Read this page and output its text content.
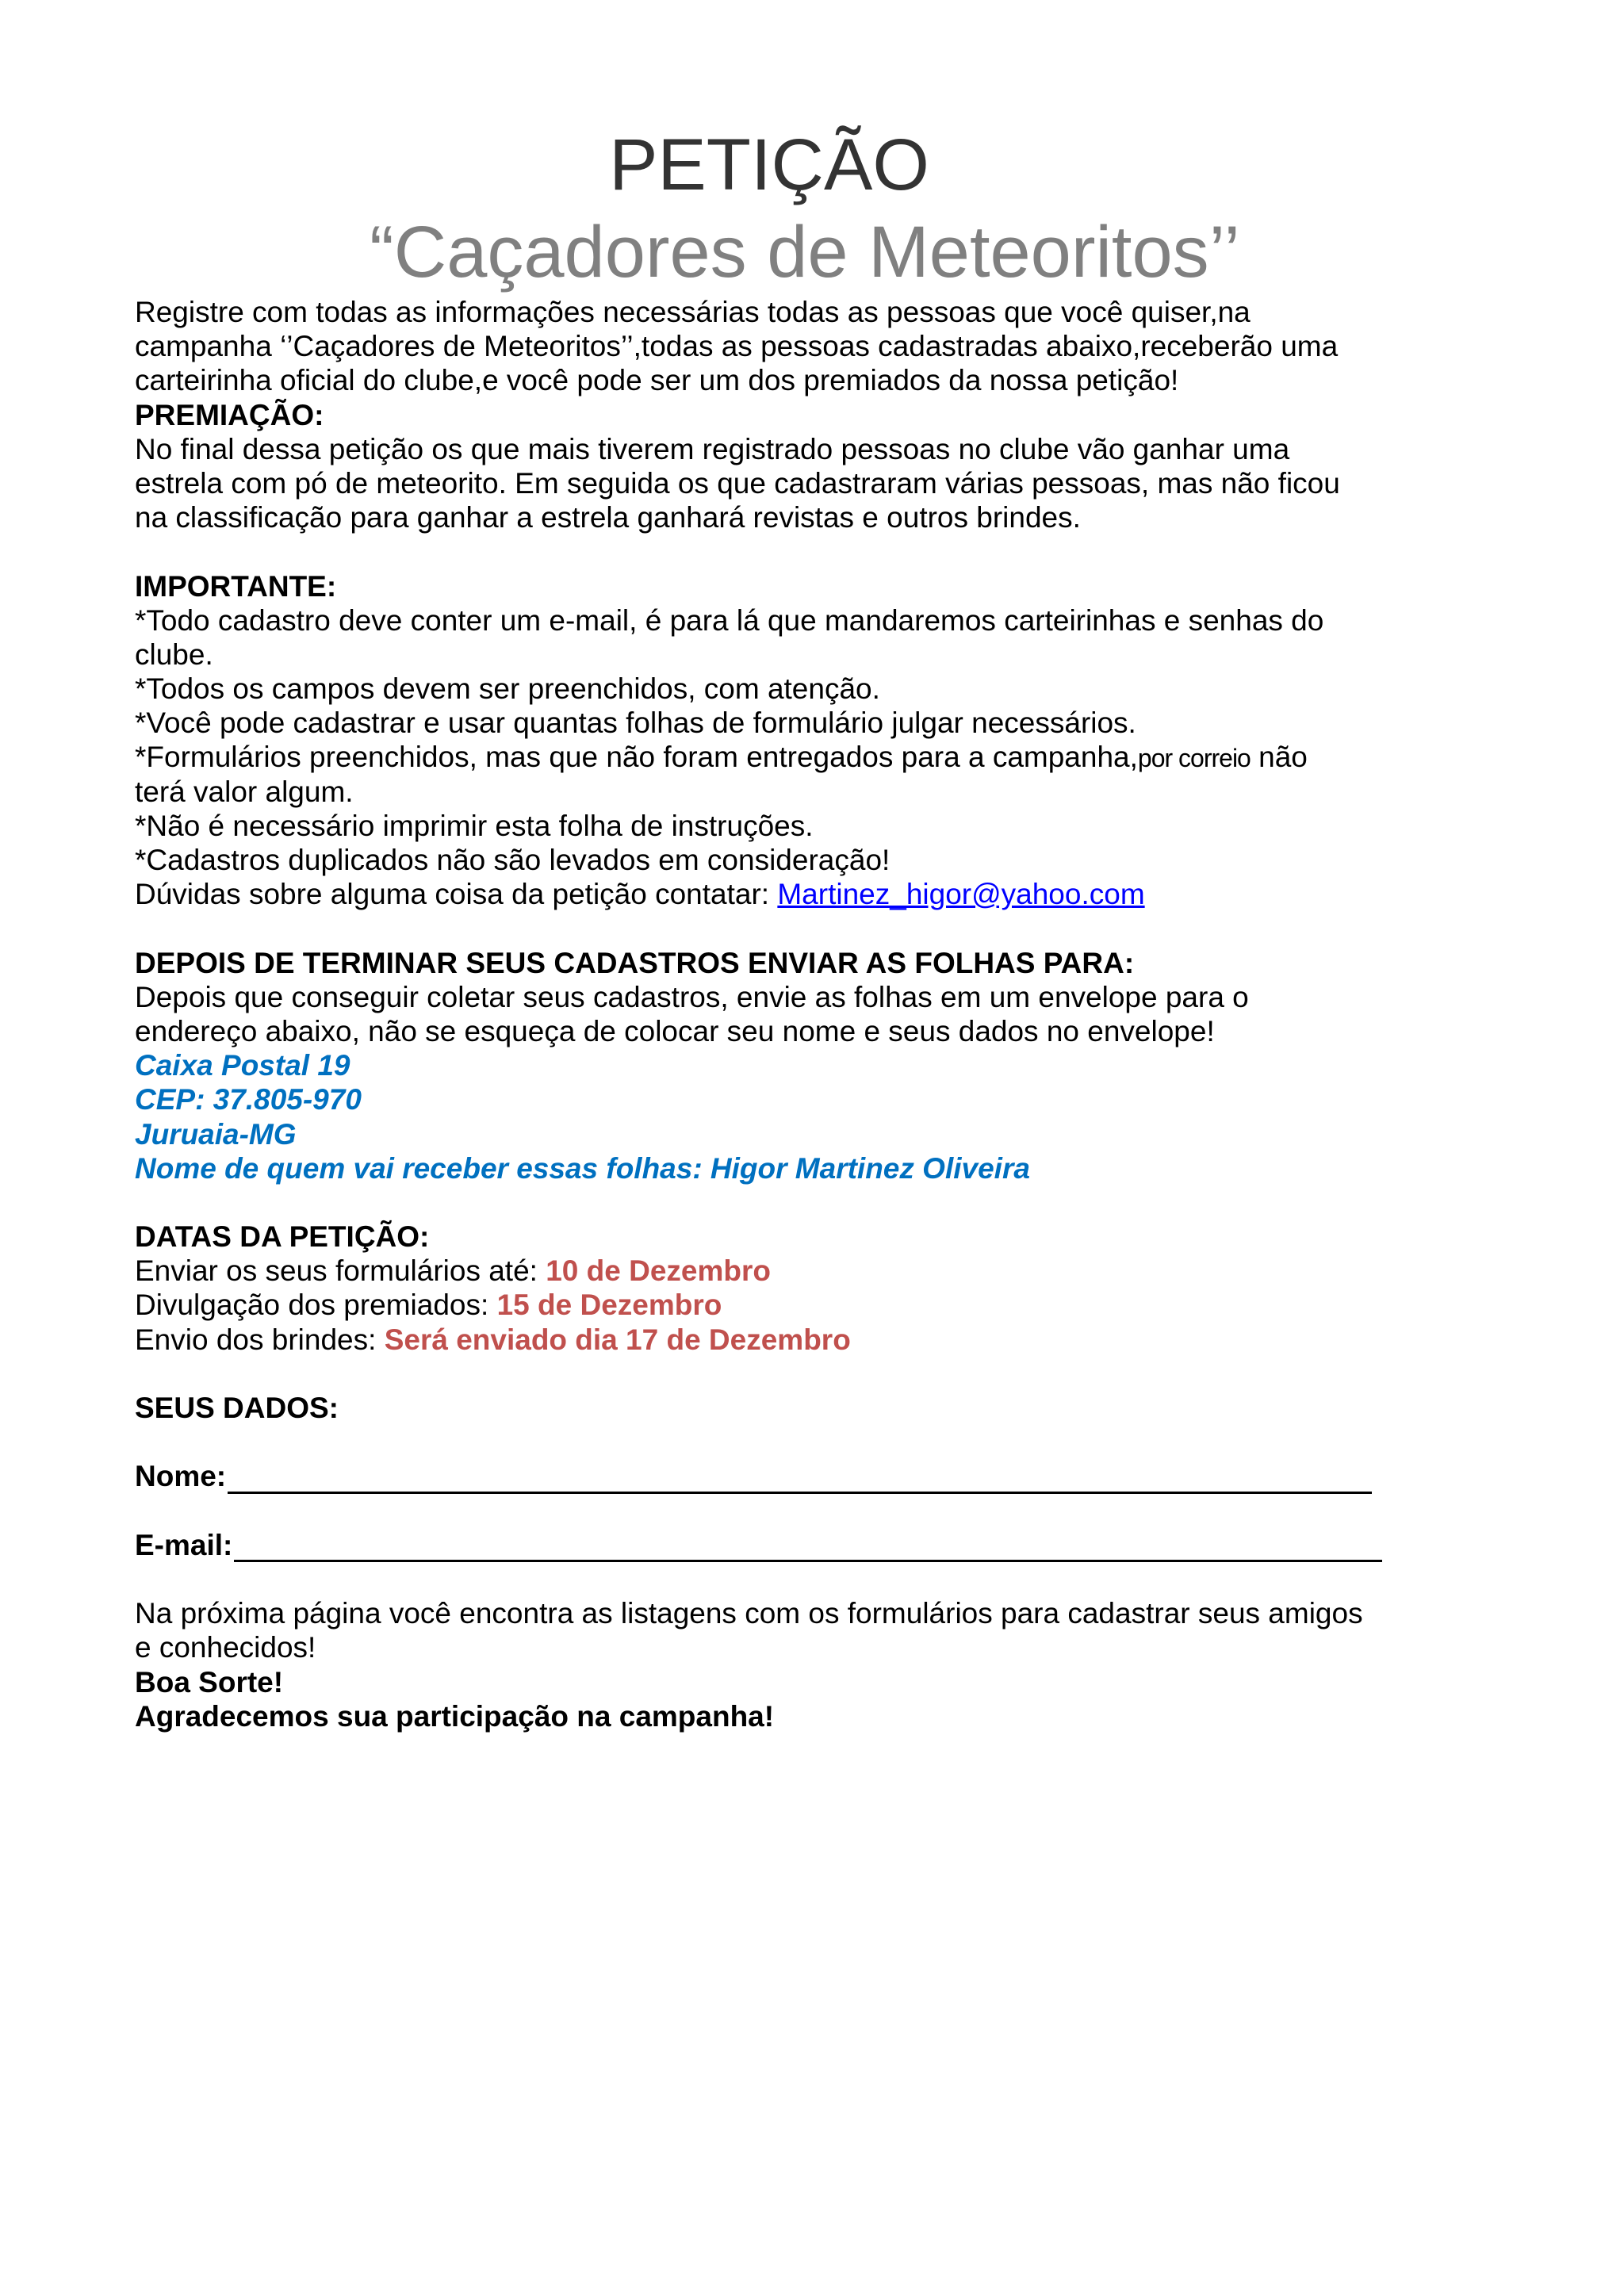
PETIÇÃO
“Caçadores de Meteoritos’’
Registre com todas as informações necessárias todas as pessoas que você quiser,na
campanha ‘’Caçadores de Meteoritos’’,todas as pessoas cadastradas abaixo,receberão uma
carteirinha oficial do clube,e você pode ser um dos premiados da nossa petição!
PREMIAÇÃO:
No final dessa petição os que mais tiverem registrado pessoas no clube vão ganhar uma
estrela com pó de meteorito. Em seguida os que cadastraram várias pessoas, mas não ficou
na classificação para ganhar a estrela ganhará revistas e outros brindes.
IMPORTANTE:
*Todo cadastro deve conter um e-mail, é para lá que mandaremos carteirinhas e senhas do
clube.
*Todos os campos devem ser preenchidos, com atenção.
*Você pode cadastrar e usar quantas folhas de formulário julgar necessários.
*Formulários preenchidos, mas que não foram entregados para a campanha,por correio não
terá valor algum.
*Não é necessário imprimir esta folha de instruções.
*Cadastros duplicados não são levados em consideração!
Dúvidas sobre alguma coisa da petição contatar: Martinez_higor@yahoo.com
DEPOIS DE TERMINAR SEUS CADASTROS ENVIAR AS FOLHAS PARA:
Depois que conseguir coletar seus cadastros, envie as folhas em um envelope para o
endereço abaixo, não se esqueça de colocar seu nome e seus dados no envelope!
Caixa Postal 19
CEP: 37.805-970
Juruaia-MG
Nome de quem vai receber essas folhas: Higor Martinez Oliveira
DATAS DA PETIÇÃO:
Enviar os seus formulários até: 10 de Dezembro
Divulgação dos premiados: 15 de Dezembro
Envio dos brindes: Será enviado dia 17 de Dezembro
SEUS DADOS:
Nome:
E-mail:
Na próxima página você encontra as listagens com os formulários para cadastrar seus amigos
e conhecidos!
Boa Sorte!
Agradecemos sua participação na campanha!
